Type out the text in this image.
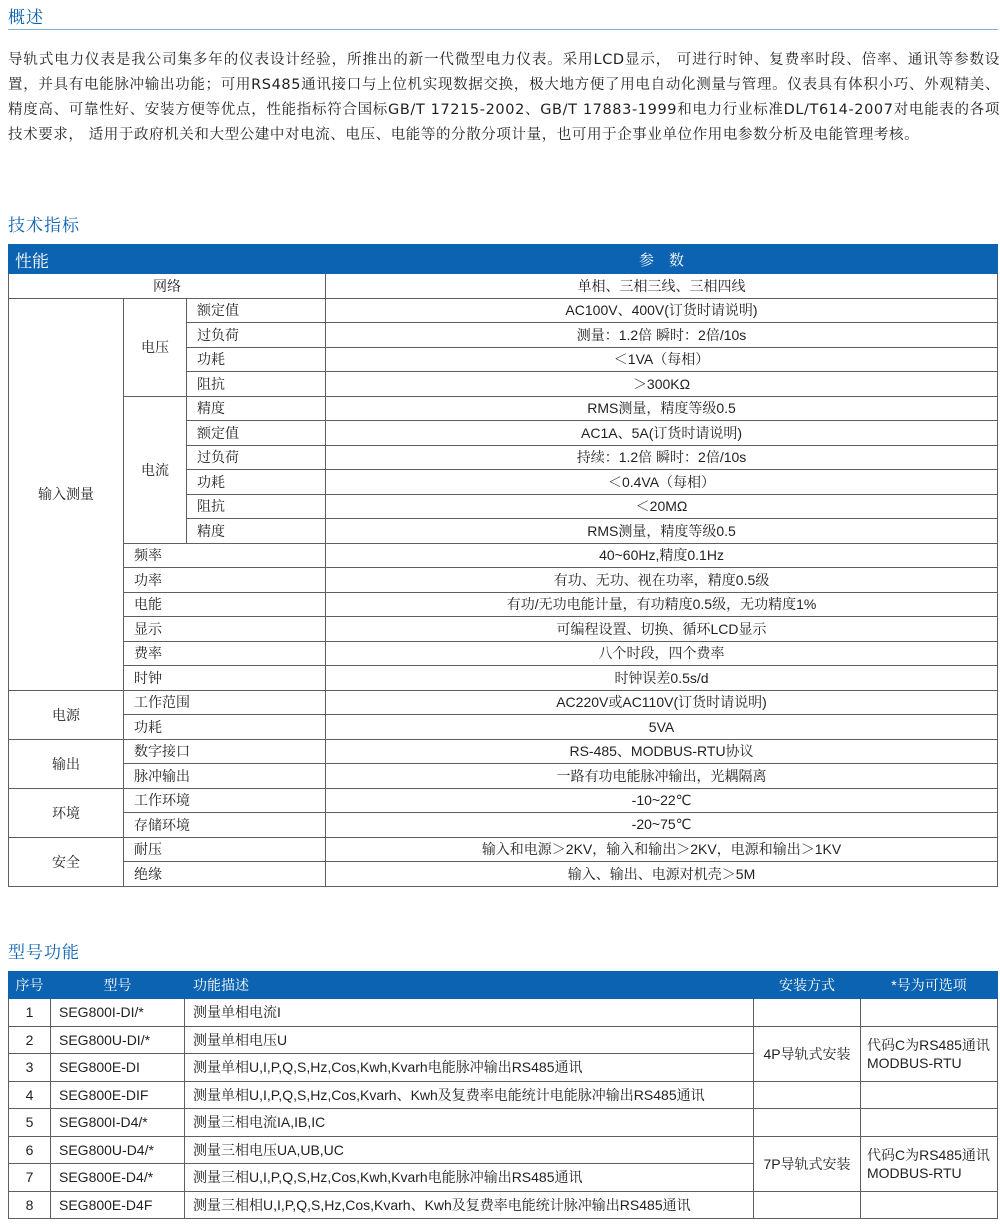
概述
导轨式电力仪表是我公司集多年的仪表设计经验，所推出的新一代微型电力仪表。采用LCD显示， 可进行时钟、复费率时段、倍率、通讯等参数设置，并具有电能脉冲输出功能；可用RS485通讯接口与上位机实现数据交换，极大地方便了用电自动化测量与管理。仪表具有体积小巧、外观精美、精度高、可靠性好、安装方便等优点，性能指标符合国标GB/T 17215-2002、GB/T 17883-1999和电力行业标准DL/T614-2007对电能表的各项技术要求， 适用于政府机关和大型公建中对电流、电压、电能等的分散分项计量，也可用于企事业单位作用电参数分析及电能管理考核。
技术指标
性能			参　数
网络			单相、三相三线、三相四线
输入测量	电压	额定值	AC100V、400V(订货时请说明)
		过负荷	测量：1.2倍 瞬时：2倍/10s
		功耗	＜1VA（每相）
		阻抗	＞300KΩ
	电流	精度	RMS测量，精度等级0.5
		额定值	AC1A、5A(订货时请说明)
		过负荷	持续：1.2倍 瞬时：2倍/10s
		功耗	＜0.4VA（每相）
		阻抗	＜20MΩ
		精度	RMS测量，精度等级0.5
	频率		40~60Hz,精度0.1Hz
	功率		有功、无功、视在功率，精度0.5级
	电能		有功/无功电能计量，有功精度0.5级，无功精度1%
	显示		可编程设置、切换、循环LCD显示
	费率		八个时段，四个费率
	时钟		时钟误差0.5s/d
电源	工作范围		AC220V或AC110V(订货时请说明)
	功耗		5VA
输出	数字接口		RS-485、MODBUS-RTU协议
	脉冲输出		一路有功电能脉冲输出，光耦隔离
环境	工作环境		-10~22℃
	存储环境		-20~75℃
安全	耐压		输入和电源＞2KV，输入和输出＞2KV，电源和输出＞1KV
	绝缘		输入、输出、电源对机壳＞5M
型号功能
序号	型号	功能描述	安装方式	*号为可选项
1	SEG800I-DI/*	测量单相电流I		
2	SEG800U-DI/*	测量单相电压U	4P导轨式安装	代码C为RS485通讯MODBUS-RTU
3	SEG800E-DI	测量单相U,I,P,Q,S,Hz,Cos,Kwh,Kvarh电能脉冲输出RS485通讯		
4	SEG800E-DIF	测量单相U,I,P,Q,S,Hz,Cos,Kvarh、Kwh及复费率电能统计电能脉冲输出RS485通讯		
5	SEG800I-D4/*	测量三相电流IA,IB,IC		
6	SEG800U-D4/*	测量三相电压UA,UB,UC	7P导轨式安装	代码C为RS485通讯MODBUS-RTU
7	SEG800E-D4/*	测量三相U,I,P,Q,S,Hz,Cos,Kwh,Kvarh电能脉冲输出RS485通讯		
8	SEG800E-D4F	测量三相相U,I,P,Q,S,Hz,Cos,Kvarh、Kwh及复费率电能统计脉冲输出RS485通讯		
